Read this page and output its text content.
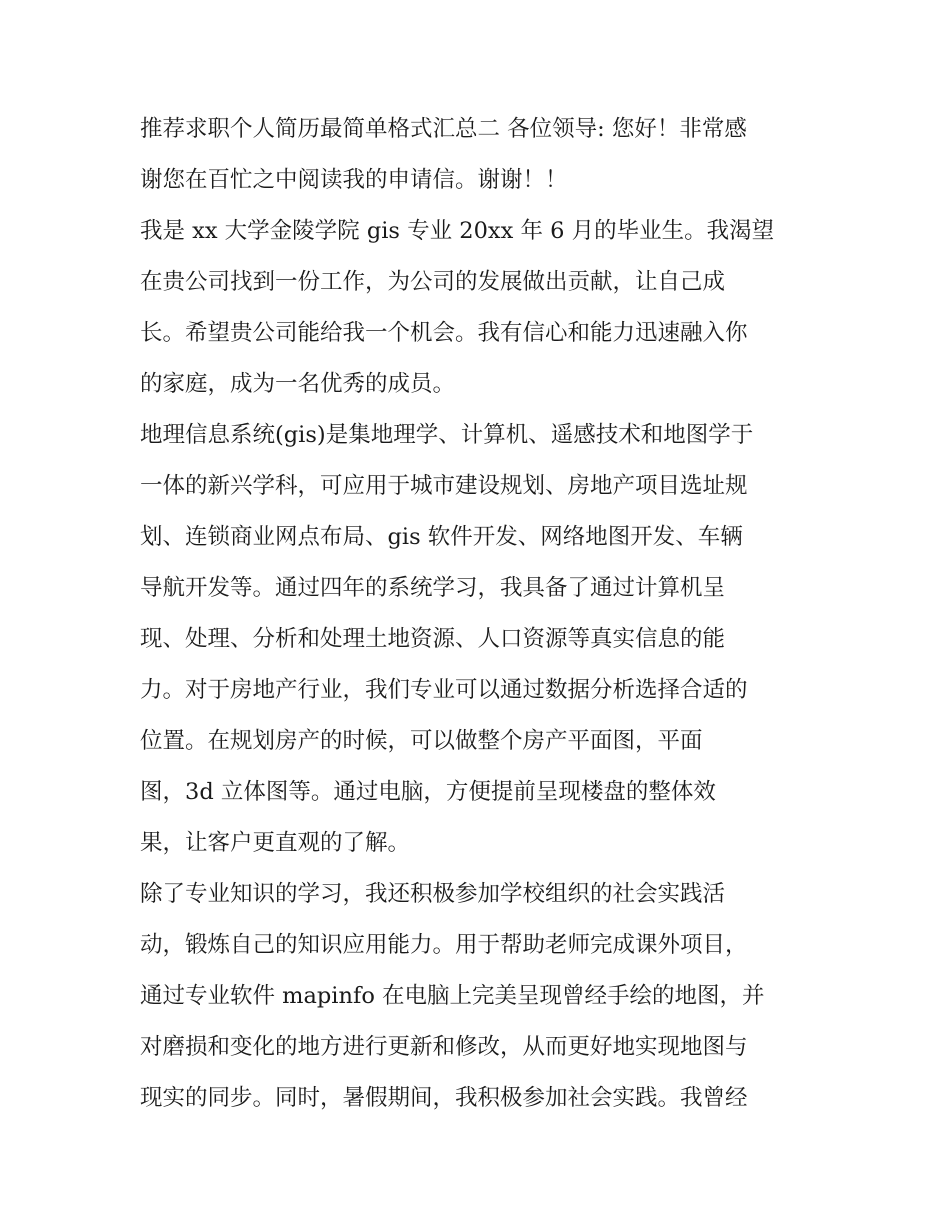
推荐求职个人简历最简单格式汇总二 各位领导: 您好！非常感
谢您在百忙之中阅读我的申请信。谢谢！！
我是 xx 大学金陵学院 gis 专业 20xx 年 6 月的毕业生。我渴望
在贵公司找到一份工作，为公司的发展做出贡献，让自己成
长。希望贵公司能给我一个机会。我有信心和能力迅速融入你
的家庭，成为一名优秀的成员。
地理信息系统(gis)是集地理学、计算机、遥感技术和地图学于
一体的新兴学科，可应用于城市建设规划、房地产项目选址规
划、连锁商业网点布局、gis 软件开发、网络地图开发、车辆
导航开发等。通过四年的系统学习，我具备了通过计算机呈
现、处理、分析和处理土地资源、人口资源等真实信息的能
力。对于房地产行业，我们专业可以通过数据分析选择合适的
位置。在规划房产的时候，可以做整个房产平面图，平面
图，3d 立体图等。通过电脑，方便提前呈现楼盘的整体效
果，让客户更直观的了解。
除了专业知识的学习，我还积极参加学校组织的社会实践活
动，锻炼自己的知识应用能力。用于帮助老师完成课外项目，
通过专业软件 mapinfo 在电脑上完美呈现曾经手绘的地图，并
对磨损和变化的地方进行更新和修改，从而更好地实现地图与
现实的同步。同时，暑假期间，我积极参加社会实践。我曾经
